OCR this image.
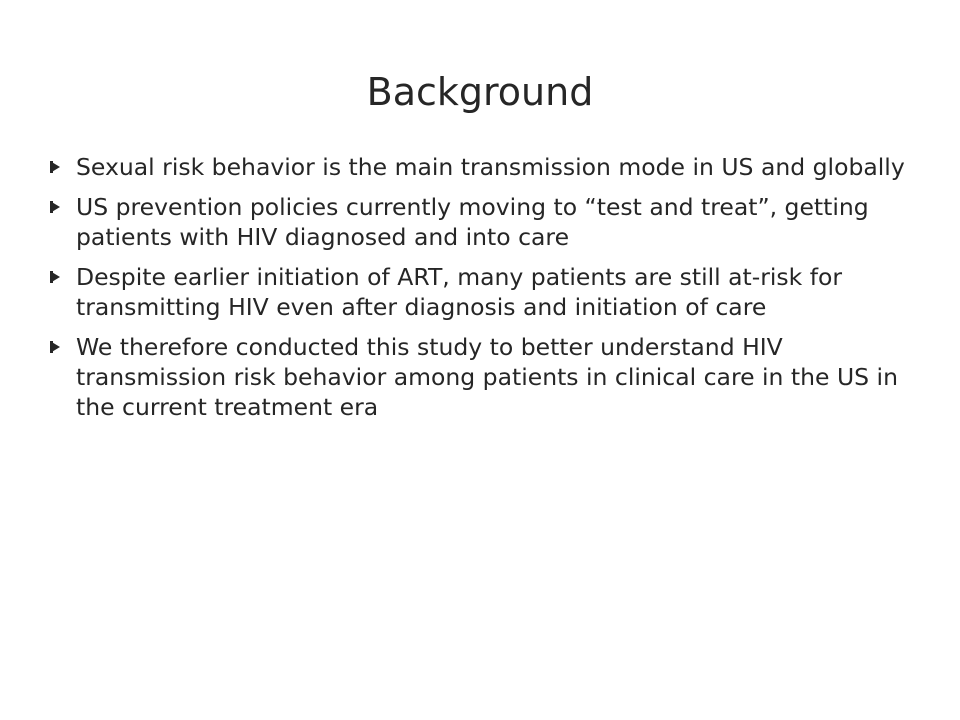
Background
Sexual risk behavior is the main transmission mode in US and globally
US prevention policies currently moving to “test and treat”, getting patients with HIV diagnosed and into care
Despite earlier initiation of ART, many patients are still at-risk for transmitting HIV even after diagnosis and initiation of care
We therefore conducted this study to better understand HIV transmission risk behavior among patients in clinical care in the US in the current treatment era
